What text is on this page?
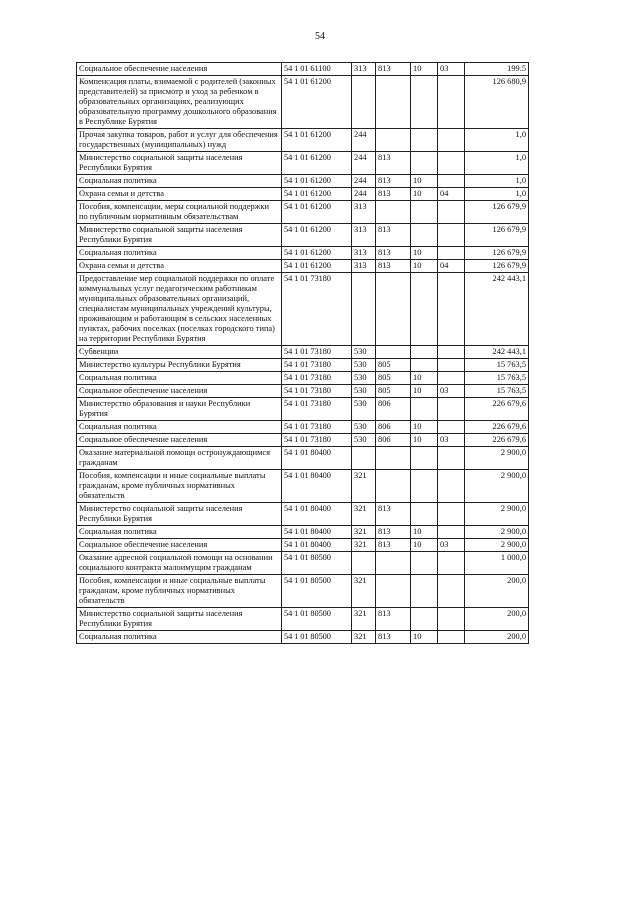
54
Социальное обеспечение населения	54 1 01 61100	313	813	10	03	199.5
Компенсация платы, взимаемой с родителей (законных представителей) за присмотр и уход за ребенком в образовательных организациях, реализующих образовательную программу дошкольного образования в Республике Бурятия	54 1 01 61200					126 680,9
Прочая закупка товаров, работ и услуг для обеспечения государственных (муниципальных) нужд	54 1 01 61200	244				1,0
Министерство социальной защиты населения Республики Бурятия	54 1 01 61200	244	813			1,0
Социальная политика	54 1 01 61200	244	813	10		1,0
Охрана семьи и детства	54 1 01 61200	244	813	10	04	1,0
Пособия, компенсации, меры социальной поддержки по публичным нормативным обязательствам	54 1 01 61200	313				126 679,9
Министерство социальной защиты населения Республики Бурятия	54 1 01 61200	313	813			126 679,9
Социальная политика	54 1 01 61200	313	813	10		126 679,9
Охрана семьи и детства	54 1 01 61200	313	813	10	04	126 679,9
Предоставление мер социальной поддержки по оплате коммунальных услуг педагогическим работникам муниципальных образовательных организаций, специалистам муниципальных учреждений культуры, проживающим и работающим в сельских населенных пунктах, рабочих поселках (поселках городского типа) на территории Республики Бурятия	54 1 01 73180					242 443,1
Субвенции	54 1 01 73180	530				242 443,1
Министерство культуры Республики Бурятия	54 1 01 73180	530	805			15 763,5
Социальная политика	54 1 01 73180	530	805	10		15 763,5
Социальное обеспечение населения	54 1 01 73180	530	805	10	03	15 763,5
Министерство образования и науки Республики Бурятия	54 1 01 73180	530	806			226 679,6
Социальная политика	54 1 01 73180	530	806	10		226 679,6
Социальное обеспечение населения	54 1 01 73180	530	806	10	03	226 679,6
Оказание материальной помощи остронуждающимся гражданам	54 1 01 80400					2 900,0
Пособия, компенсации и иные социальные выплаты гражданам, кроме публичных нормативных обязательств	54 1 01 80400	321				2 900,0
Министерство социальной защиты населения Республики Бурятия	54 1 01 80400	321	813			2 900,0
Социальная политика	54 1 01 80400	321	813	10		2 900,0
Социальное обеспечение населения	54 1 01 80400	321	813	10	03	2 900,0
Оказание адресной социальной помощи на основании социального контракта малоимущим гражданам	54 1 01 80500					1 000,0
Пособия, компенсации и иные социальные выплаты гражданам, кроме публичных нормативных обязательств	54 1 01 80500	321				200,0
Министерство социальной защиты населения Республики Бурятия	54 1 01 80500	321	813			200,0
Социальная политика	54 1 01 80500	321	813	10		200,0
